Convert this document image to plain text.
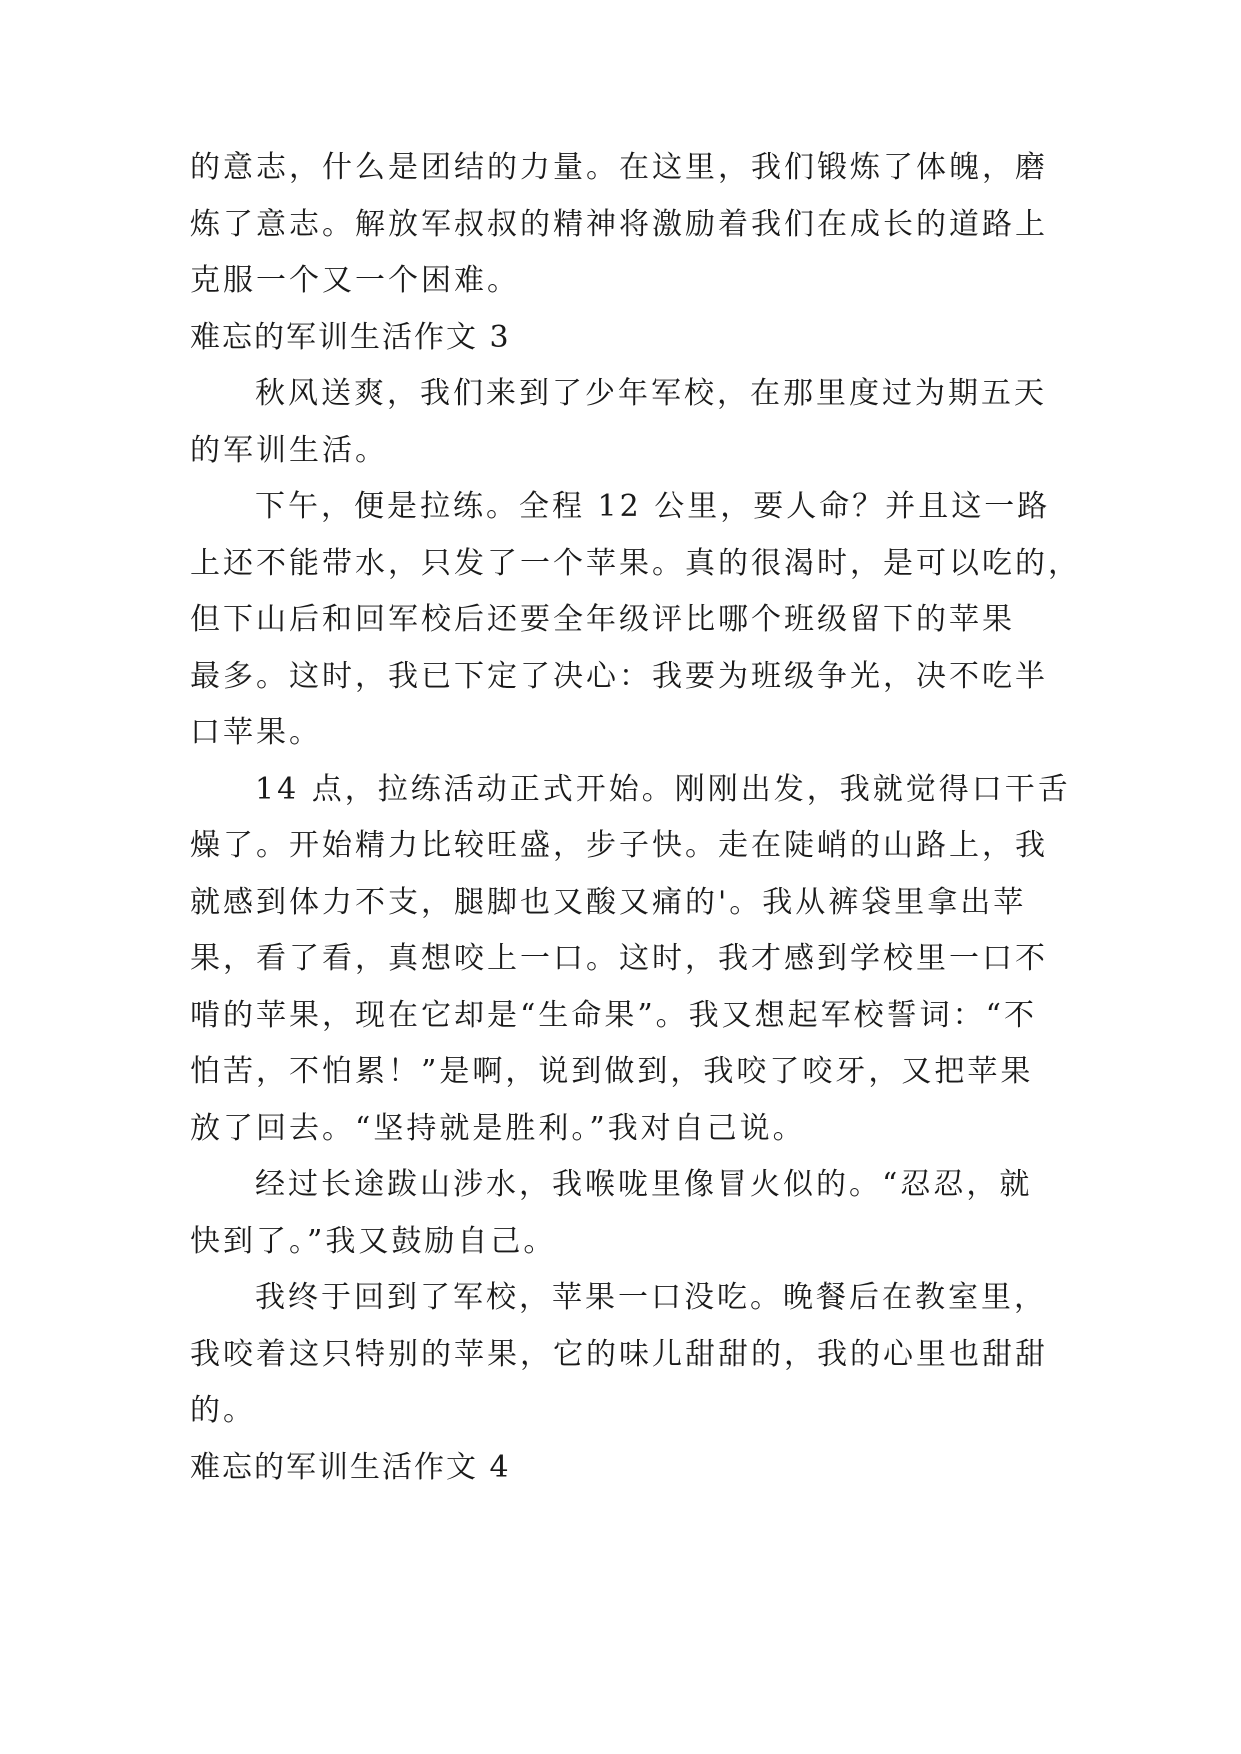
的意志，什么是团结的力量。在这里，我们锻炼了体魄，磨
炼了意志。解放军叔叔的精神将激励着我们在成长的道路上
克服一个又一个困难。
难忘的军训生活作文 3
秋风送爽，我们来到了少年军校，在那里度过为期五天
的军训生活。
下午，便是拉练。全程 12 公里，要人命？并且这一路
上还不能带水，只发了一个苹果。真的很渴时，是可以吃的，
但下山后和回军校后还要全年级评比哪个班级留下的苹果
最多。这时，我已下定了决心：我要为班级争光，决不吃半
口苹果。
14 点，拉练活动正式开始。刚刚出发，我就觉得口干舌
燥了。开始精力比较旺盛，步子快。走在陡峭的山路上，我
就感到体力不支，腿脚也又酸又痛的'。我从裤袋里拿出苹
果，看了看，真想咬上一口。这时，我才感到学校里一口不
啃的苹果，现在它却是“生命果”。我又想起军校誓词：“不
怕苦，不怕累！”是啊，说到做到，我咬了咬牙，又把苹果
放了回去。“坚持就是胜利。”我对自己说。
经过长途跋山涉水，我喉咙里像冒火似的。“忍忍，就
快到了。”我又鼓励自己。
我终于回到了军校，苹果一口没吃。晚餐后在教室里，
我咬着这只特别的苹果，它的味儿甜甜的，我的心里也甜甜
的。
难忘的军训生活作文 4
